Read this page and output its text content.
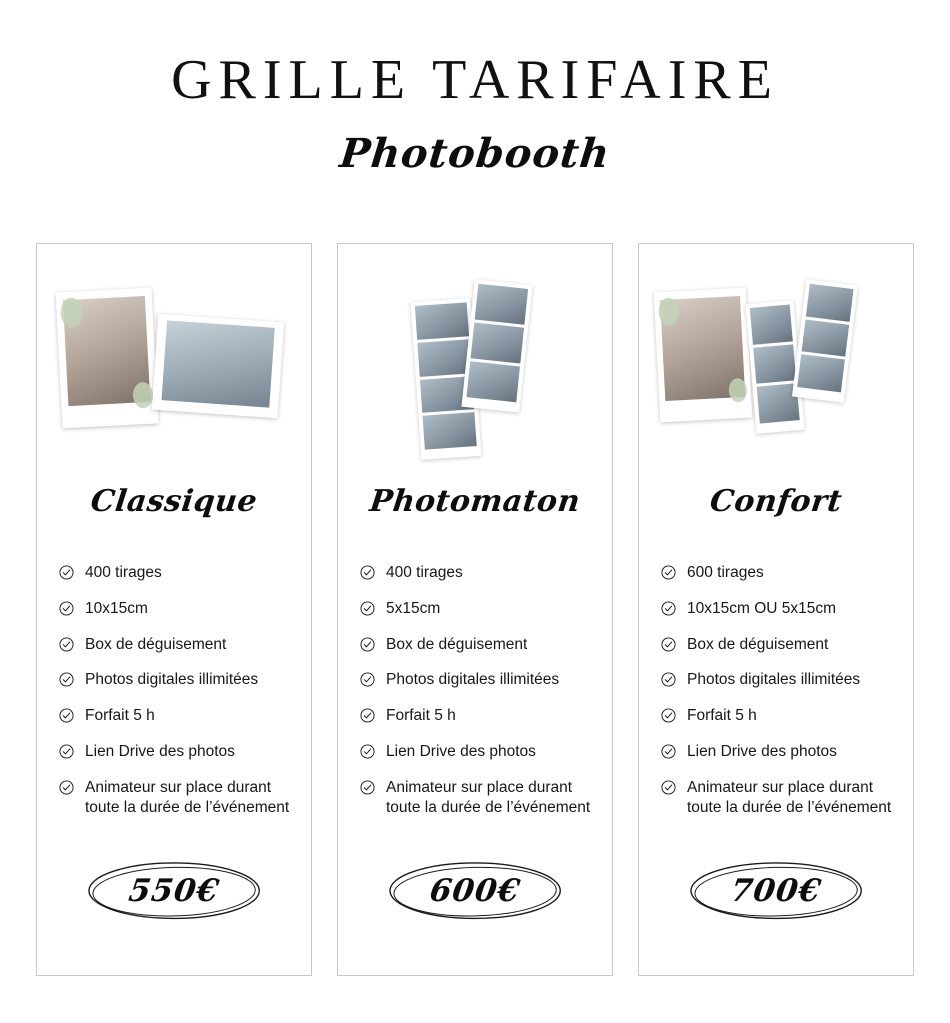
GRILLE TARIFAIRE
Photobooth
Classique
400 tirages
10x15cm
Box de déguisement
Photos digitales illimitées
Forfait 5 h
Lien Drive des photos
Animateur sur place durant toute la durée de l’événement
550€
Photomaton
400 tirages
5x15cm
Box de déguisement
Photos digitales illimitées
Forfait 5 h
Lien Drive des photos
Animateur sur place durant toute la durée de l’événement
600€
Confort
600 tirages
10x15cm OU 5x15cm
Box de déguisement
Photos digitales illimitées
Forfait 5 h
Lien Drive des photos
Animateur sur place durant toute la durée de l’événement
700€
